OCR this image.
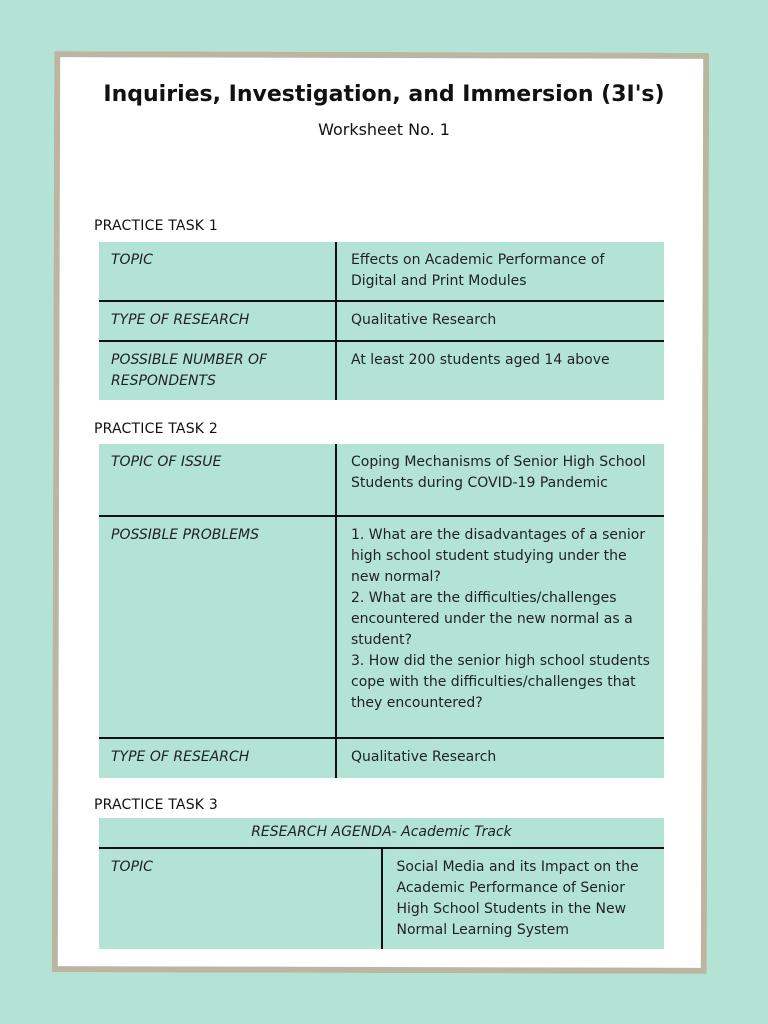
Inquiries, Investigation, and Immersion (3I's)
Worksheet No. 1
PRACTICE TASK 1
TOPIC	Effects on Academic Performance of Digital and Print Modules
TYPE OF RESEARCH	Qualitative Research
POSSIBLE NUMBER OF RESPONDENTS	At least 200 students aged 14 above
PRACTICE TASK 2
TOPIC OF ISSUE	Coping Mechanisms of Senior High School Students during COVID-19 Pandemic
POSSIBLE PROBLEMS	1. What are the disadvantages of a senior high school student studying under the new normal?
2. What are the difficulties/challenges encountered under the new normal as a student?
3. How did the senior high school students cope with the difficulties/challenges that they encountered?

TYPE OF RESEARCH	Qualitative Research
PRACTICE TASK 3
RESEARCH AGENDA- Academic Track
TOPIC	Social Media and its Impact on the Academic Performance of Senior High School Students in the New Normal Learning System
